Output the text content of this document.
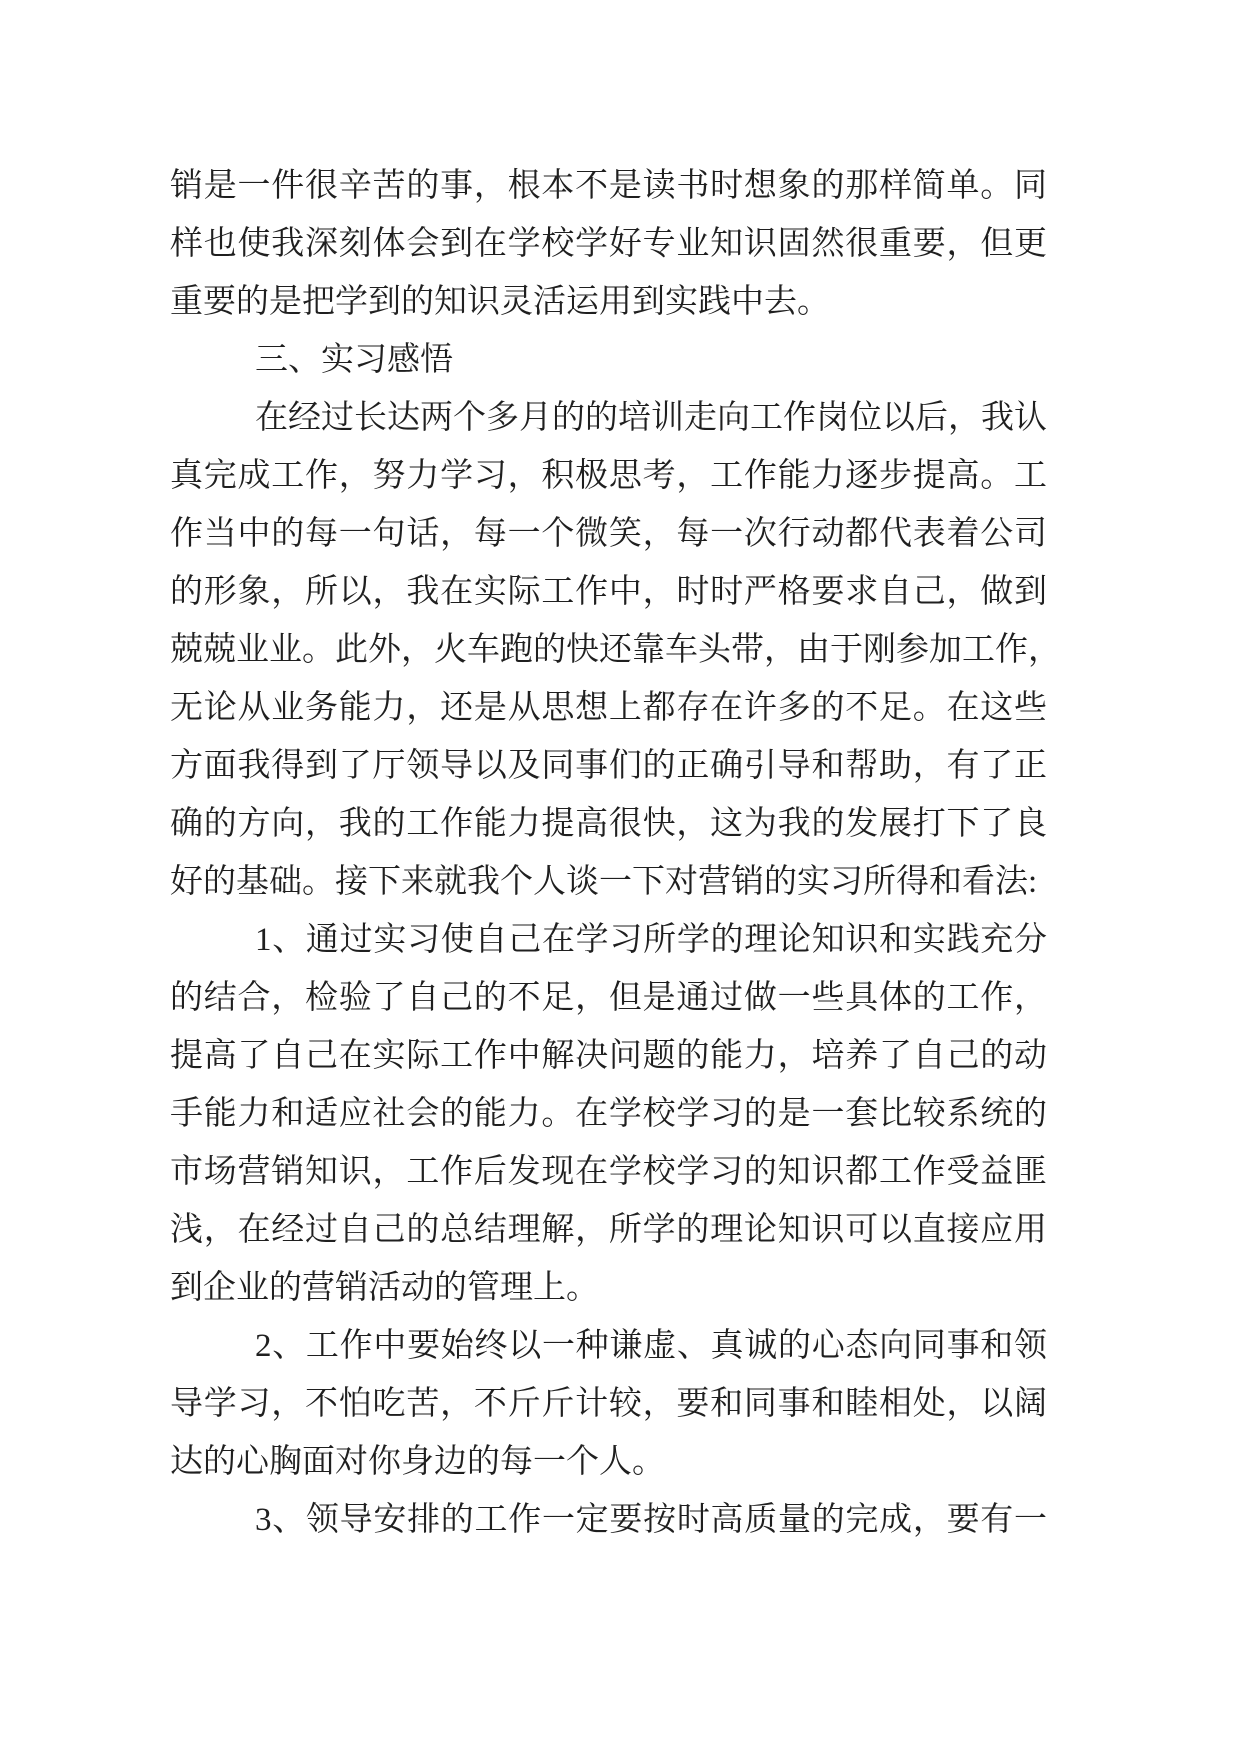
销是一件很辛苦的事，根本不是读书时想象的那样简单。同
样也使我深刻体会到在学校学好专业知识固然很重要，但更
重要的是把学到的知识灵活运用到实践中去。
三、实习感悟
在经过长达两个多月的的培训走向工作岗位以后，我认
真完成工作，努力学习，积极思考，工作能力逐步提高。工
作当中的每一句话，每一个微笑，每一次行动都代表着公司
的形象，所以，我在实际工作中，时时严格要求自己，做到
兢兢业业。此外，火车跑的快还靠车头带，由于刚参加工作，
无论从业务能力，还是从思想上都存在许多的不足。在这些
方面我得到了厅领导以及同事们的正确引导和帮助，有了正
确的方向，我的工作能力提高很快，这为我的发展打下了良
好的基础。接下来就我个人谈一下对营销的实习所得和看法:
1、通过实习使自己在学习所学的理论知识和实践充分
的结合，检验了自己的不足，但是通过做一些具体的工作，
提高了自己在实际工作中解决问题的能力，培养了自己的动
手能力和适应社会的能力。在学校学习的是一套比较系统的
市场营销知识，工作后发现在学校学习的知识都工作受益匪
浅，在经过自己的总结理解，所学的理论知识可以直接应用
到企业的营销活动的管理上。
2、工作中要始终以一种谦虚、真诚的心态向同事和领
导学习，不怕吃苦，不斤斤计较，要和同事和睦相处，以阔
达的心胸面对你身边的每一个人。
3、领导安排的工作一定要按时高质量的完成，要有一
